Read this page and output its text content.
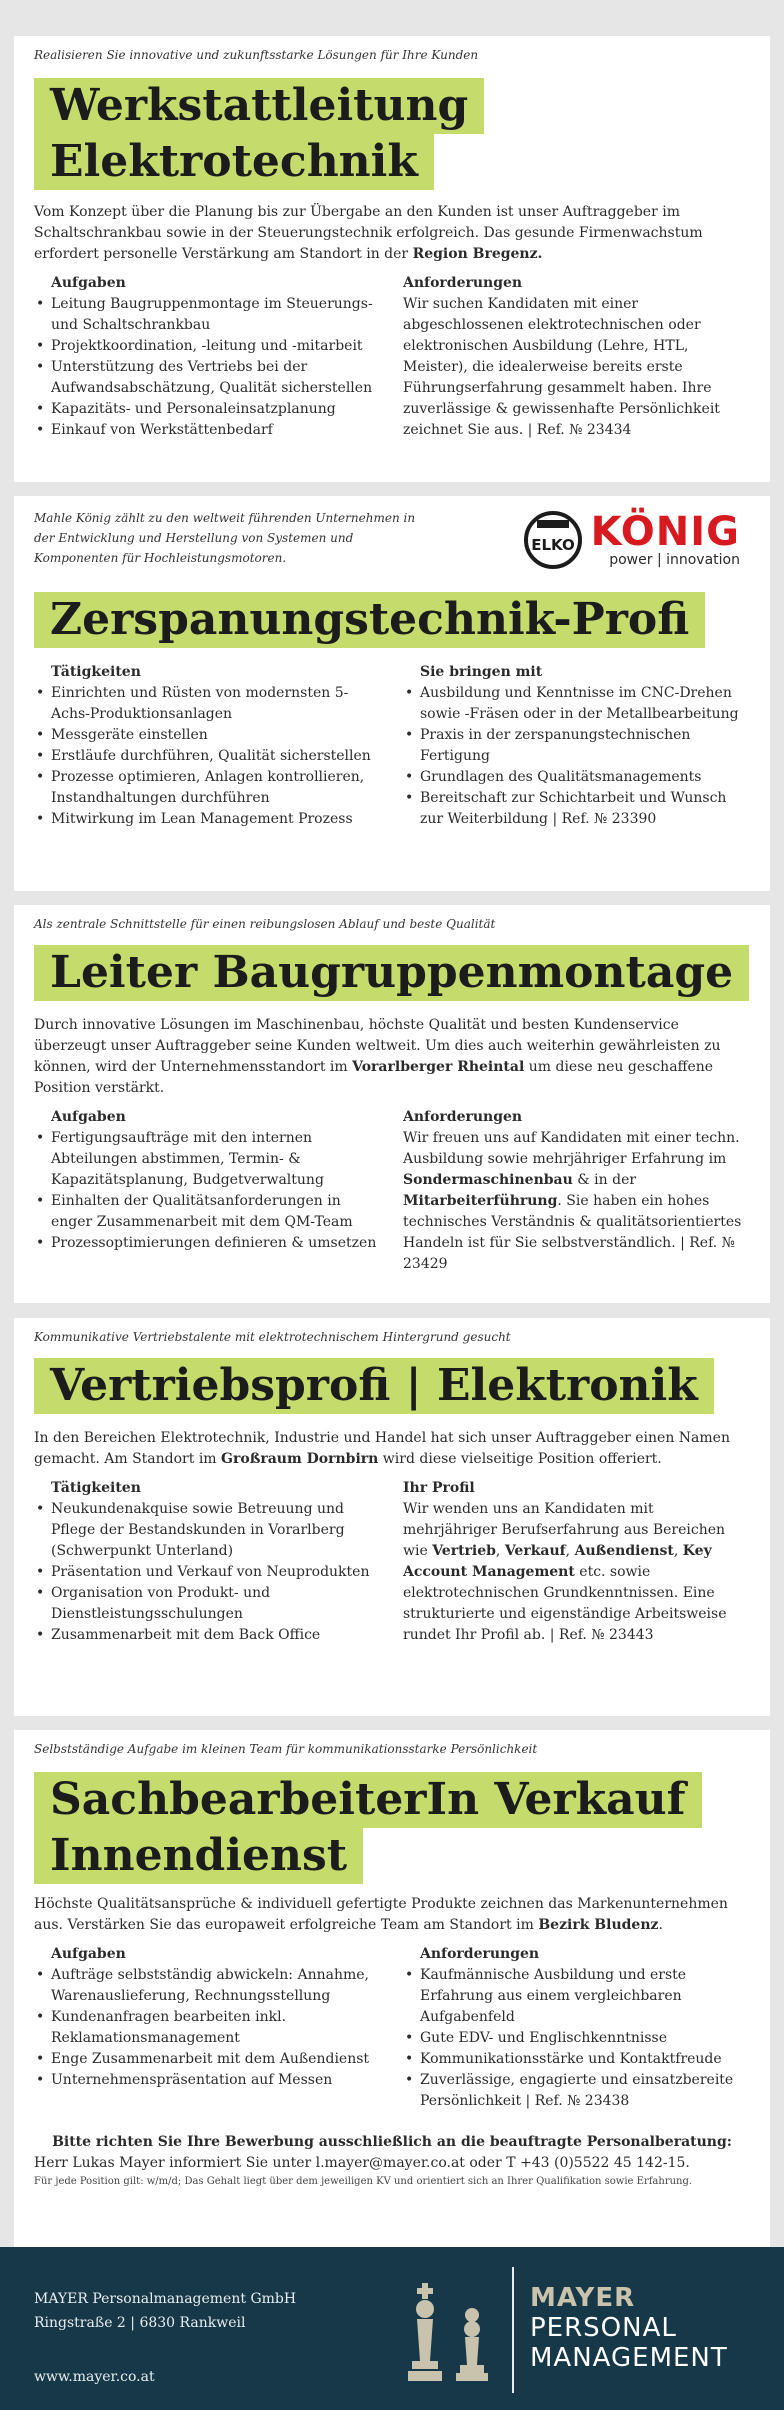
Realisieren Sie innovative und zukunftsstarke Lösungen für Ihre Kunden

Werkstattleitung
Elektrotechnik

Vom Konzept über die Planung bis zur Übergabe an den Kunden ist unser Auftraggeber im Schaltschrankbau sowie in der Steuerungstechnik erfolgreich. Das gesunde Firmenwachstum erfordert personelle Verstärkung am Standort in der Region Bregenz.

Aufgaben
• Leitung Baugruppenmontage im Steuerungs- und Schaltschrankbau
• Projektkoordination, -leitung und -mitarbeit
• Unterstützung des Vertriebs bei der Aufwandsabschätzung, Qualität sicherstellen
• Kapazitäts- und Personaleinsatzplanung
• Einkauf von Werkstättenbedarf
Anforderungen

Wir suchen Kandidaten mit einer abgeschlossenen elektrotechnischen oder elektronischen Ausbildung (Lehre, HTL, Meister), die idealerweise bereits erste Führungserfahrung gesammelt haben. Ihre zuverlässige & gewissenhafte Persönlichkeit zeichnet Sie aus. | Ref. № 23434

Mahle König zählt zu den weltweit führenden Unternehmen in der Entwicklung und Herstellung von Systemen und Komponenten für Hochleistungsmotoren.

ELKO KÖNIG
power | innovation
Zerspanungstechnik-Profi
Tätigkeiten
• Einrichten und Rüsten von modernsten 5-Achs-Produktionsanlagen
• Messgeräte einstellen
• Erstläufe durchführen, Qualität sicherstellen
• Prozesse optimieren, Anlagen kontrollieren, Instandhaltungen durchführen
• Mitwirkung im Lean Management Prozess
Sie bringen mit
• Ausbildung und Kenntnisse im CNC-Drehen sowie -Fräsen oder in der Metallbearbeitung
• Praxis in der zerspanungstechnischen Fertigung
• Grundlagen des Qualitätsmanagements
• Bereitschaft zur Schichtarbeit und Wunsch zur Weiterbildung | Ref. № 23390

Als zentrale Schnittstelle für einen reibungslosen Ablauf und beste Qualität

Leiter Baugruppenmontage

Durch innovative Lösungen im Maschinenbau, höchste Qualität und besten Kundenservice überzeugt unser Auftraggeber seine Kunden weltweit. Um dies auch weiterhin gewährleisten zu können, wird der Unternehmensstandort im Vorarlberger Rheintal um diese neu geschaffene Position verstärkt.

Aufgaben
• Fertigungsaufträge mit den internen Abteilungen abstimmen, Termin- & Kapazitätsplanung, Budgetverwaltung
• Einhalten der Qualitätsanforderungen in enger Zusammenarbeit mit dem QM-Team
• Prozessoptimierungen definieren & umsetzen
Anforderungen

Wir freuen uns auf Kandidaten mit einer techn. Ausbildung sowie mehrjähriger Erfahrung im Sondermaschinenbau & in der Mitarbeiterführung. Sie haben ein hohes technisches Verständnis & qualitätsorientiertes Handeln ist für Sie selbstverständlich. | Ref. № 23429

Kommunikative Vertriebstalente mit elektrotechnischem Hintergrund gesucht

Vertriebsprofi | Elektronik

In den Bereichen Elektrotechnik, Industrie und Handel hat sich unser Auftraggeber einen Namen gemacht. Am Standort im Großraum Dornbirn wird diese vielseitige Position offeriert.

Tätigkeiten
• Neukundenakquise sowie Betreuung und Pflege der Bestandskunden in Vorarlberg (Schwerpunkt Unterland)
• Präsentation und Verkauf von Neuprodukten
• Organisation von Produkt- und Dienstleistungsschulungen
• Zusammenarbeit mit dem Back Office
Ihr Profil

Wir wenden uns an Kandidaten mit mehrjähriger Berufserfahrung aus Bereichen wie Vertrieb, Verkauf, Außendienst, Key Account Management etc. sowie elektrotechnischen Grundkenntnissen. Eine strukturierte und eigenständige Arbeitsweise rundet Ihr Profil ab. | Ref. № 23443

Selbstständige Aufgabe im kleinen Team für kommunikationsstarke Persönlichkeit

SachbearbeiterIn Verkauf
Innendienst

Höchste Qualitätsansprüche & individuell gefertigte Produkte zeichnen das Markenunternehmen aus. Verstärken Sie das europaweit erfolgreiche Team am Standort im Bezirk Bludenz.

Aufgaben
• Aufträge selbstständig abwickeln: Annahme, Warenauslieferung, Rechnungsstellung
• Kundenanfragen bearbeiten inkl. Reklamationsmanagement
• Enge Zusammenarbeit mit dem Außendienst
• Unternehmenspräsentation auf Messen
Anforderungen
• Kaufmännische Ausbildung und erste Erfahrung aus einem vergleichbaren Aufgabenfeld
• Gute EDV- und Englischkenntnisse
• Kommunikationsstärke und Kontaktfreude
• Zuverlässige, engagierte und einsatzbereite Persönlichkeit | Ref. № 23438

Bitte richten Sie Ihre Bewerbung ausschließlich an die beauftragte Personalberatung:

Herr Lukas Mayer informiert Sie unter l.mayer@mayer.co.at oder T +43 (0)5522 45 142-15.

Für jede Position gilt: w/m/d; Das Gehalt liegt über dem jeweiligen KV und orientiert sich an Ihrer Qualifikation sowie Erfahrung.

MAYER Personalmanagement GmbH
Ringstraße 2 | 6830 Rankweil
www.mayer.co.at
MAYER
PERSONAL
MANAGEMENT
